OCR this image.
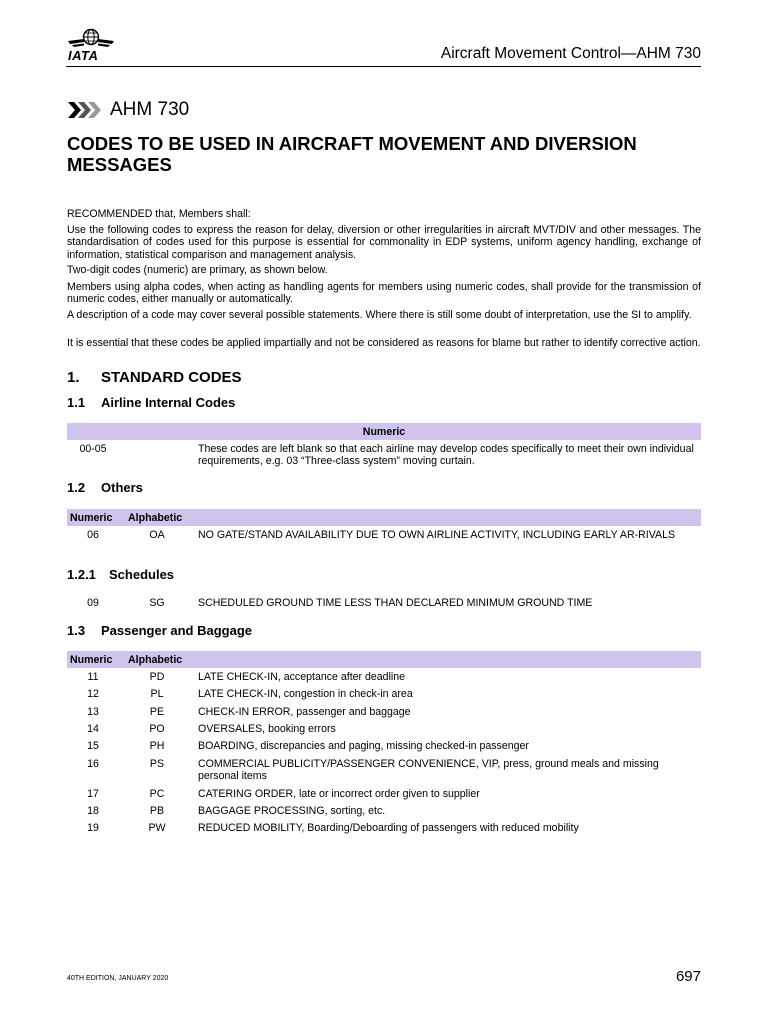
IATA	Aircraft Movement Control—AHM 730
AHM 730
CODES TO BE USED IN AIRCRAFT MOVEMENT AND DIVERSION MESSAGES
RECOMMENDED that, Members shall:
Use the following codes to express the reason for delay, diversion or other irregularities in aircraft MVT/DIV and other messages. The standardisation of codes used for this purpose is essential for commonality in EDP systems, uniform agency handling, exchange of information, statistical comparison and management analysis.
Two-digit codes (numeric) are primary, as shown below.
Members using alpha codes, when acting as handling agents for members using numeric codes, shall provide for the transmission of numeric codes, either manually or automatically.
A description of a code may cover several possible statements. Where there is still some doubt of interpretation, use the SI to amplify.
It is essential that these codes be applied impartially and not be considered as reasons for blame but rather to identify corrective action.
1. STANDARD CODES
1.1 Airline Internal Codes
Numeric
00-05	These codes are left blank so that each airline may develop codes specifically to meet their own individual requirements, e.g. 03 “Three-class system” moving curtain.
1.2 Others
Numeric Alphabetic
06	OA	NO GATE/STAND AVAILABILITY DUE TO OWN AIRLINE ACTIVITY, INCLUDING EARLY AR-RIVALS
1.2.1 Schedules
09	SG	SCHEDULED GROUND TIME LESS THAN DECLARED MINIMUM GROUND TIME
1.3 Passenger and Baggage
Numeric Alphabetic
11	PD	LATE CHECK-IN, acceptance after deadline
12	PL	LATE CHECK-IN, congestion in check-in area
13	PE	CHECK-IN ERROR, passenger and baggage
14	PO	OVERSALES, booking errors
15	PH	BOARDING, discrepancies and paging, missing checked-in passenger
16	PS	COMMERCIAL PUBLICITY/PASSENGER CONVENIENCE, VIP, press, ground meals and missing personal items
17	PC	CATERING ORDER, late or incorrect order given to supplier
18	PB	BAGGAGE PROCESSING, sorting, etc.
19	PW	REDUCED MOBILITY, Boarding/Deboarding of passengers with reduced mobility
40TH EDITION, JANUARY 2020	697
